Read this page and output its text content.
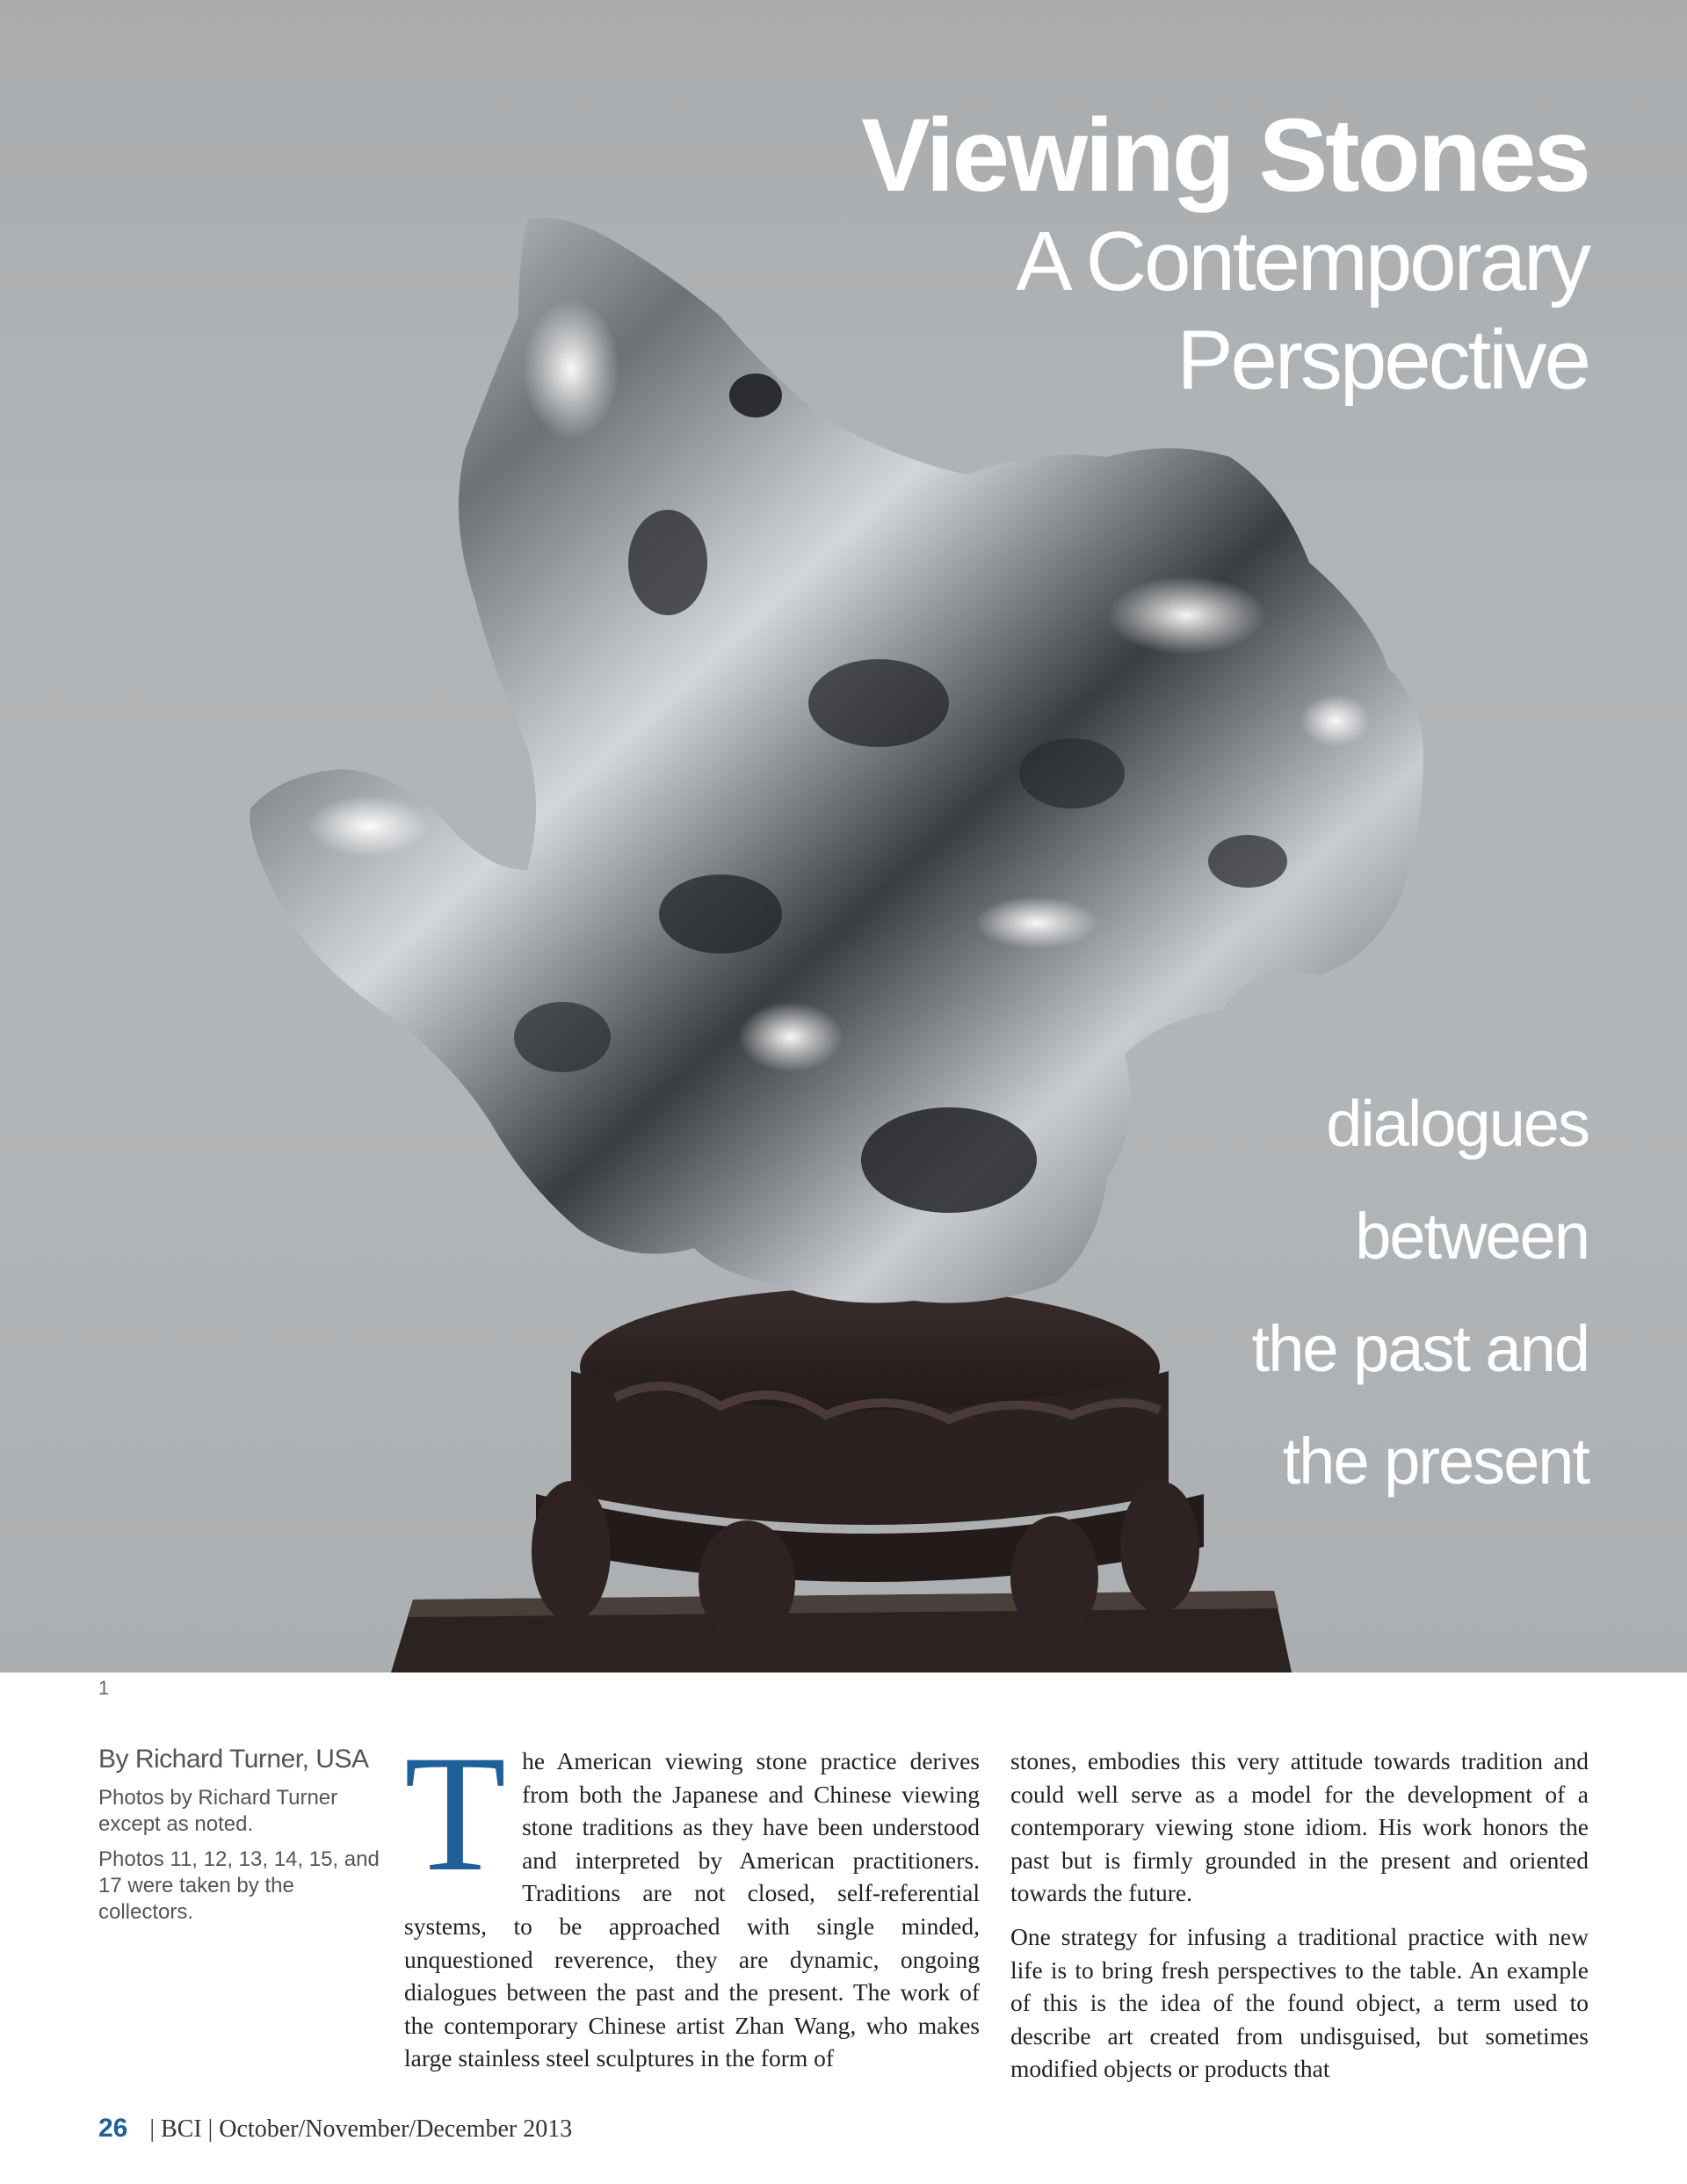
Viewing Stones
A Contemporary
Perspective
dialogues
between
the past and
the present
1

By Richard Turner, USA

Photos by Richard Turner except as noted.

Photos 11, 12, 13, 14, 15, and 17 were taken by the collectors.

T he American viewing stone practice derives from both the Japanese and Chinese viewing stone traditions as they have been understood and interpreted by American practitioners. Traditions are not closed, self-referential systems, to be approached with single minded, unquestioned reverence, they are dynamic, ongoing dialogues between the past and the present. The work of the contemporary Chinese artist Zhan Wang, who makes large stainless steel sculptures in the form of

stones, embodies this very attitude towards tradition and could well serve as a model for the development of a contemporary viewing stone idiom. His work honors the past but is firmly grounded in the present and oriented towards the future.

One strategy for infusing a traditional practice with new life is to bring fresh perspectives to the table. An example of this is the idea of the found object, a term used to describe art created from undisguised, but sometimes modified objects or products that

26 | BCI | October/November/December 2013
